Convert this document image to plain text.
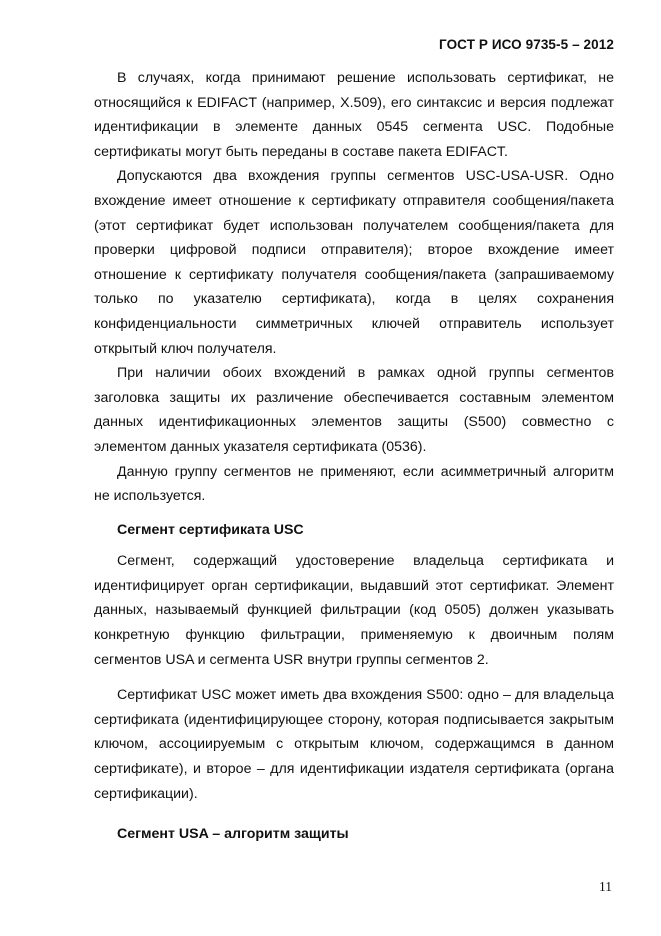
ГОСТ Р ИСО 9735-5 – 2012

В случаях, когда принимают решение использовать сертификат, не относящийся к EDIFACT (например, X.509), его синтаксис и версия подлежат идентификации в элементе данных 0545 сегмента USC. Подобные сертификаты могут быть переданы в составе пакета EDIFACT.

Допускаются два вхождения группы сегментов USC-USA-USR. Одно вхождение имеет отношение к сертификату отправителя сообщения/пакета (этот сертификат будет использован получателем сообщения/пакета для проверки цифровой подписи отправителя); второе вхождение имеет отношение к сертификату получателя сообщения/пакета (запрашиваемому только по указателю сертификата), когда в целях сохранения конфиденциальности симметричных ключей отправитель использует открытый ключ получателя.

При наличии обоих вхождений в рамках одной группы сегментов заголовка защиты их различение обеспечивается составным элементом данных идентификационных элементов защиты (S500) совместно с элементом данных указателя сертификата (0536).

Данную группу сегментов не применяют, если асимметричный алгоритм не используется.

Сегмент сертификата USC

Сегмент, содержащий удостоверение владельца сертификата и идентифицирует орган сертификации, выдавший этот сертификат. Элемент данных, называемый функцией фильтрации (код 0505) должен указывать конкретную функцию фильтрации, применяемую к двоичным полям сегментов USA и сегмента USR внутри группы сегментов 2.

Сертификат USC может иметь два вхождения S500: одно – для владельца сертификата (идентифицирующее сторону, которая подписывается закрытым ключом, ассоциируемым с открытым ключом, содержащимся в данном сертификате), и второе – для идентификации издателя сертификата (органа сертификации).

Сегмент USA – алгоритм защиты
11
